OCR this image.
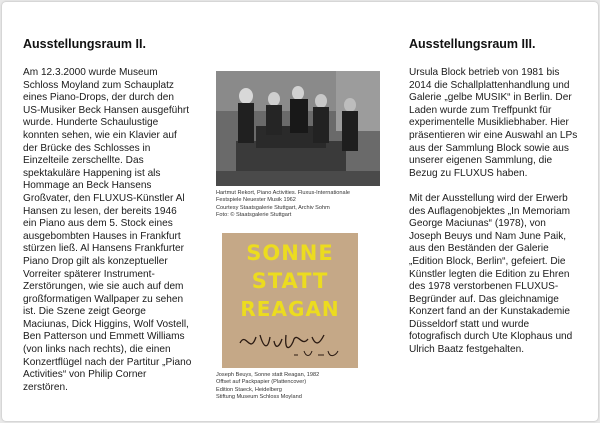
Ausstellungsraum II.

Am 12.3.2000 wurde Museum Schloss Moyland zum Schauplatz eines Piano-Drops, der durch den US-Musiker Beck Hansen ausgeführt wurde. Hunderte Schaulustige konnten sehen, wie ein Klavier auf der Brücke des Schlosses in Einzelteile zerschellte. Das spektakuläre Happening ist als Hommage an Beck Hansens Großvater, den FLUXUS-Künstler Al Hansen zu lesen, der bereits 1946 ein Piano aus dem 5. Stock eines ausgebombten Hauses in Frankfurt stürzen ließ. Al Hansens Frankfurter Piano Drop gilt als konzeptueller Vorreiter späterer Instrument-Zerstörungen, wie sie auch auf dem großformatigen Wallpaper zu sehen ist. Die Szene zeigt George Maciunas, Dick Higgins, Wolf Vostell, Ben Patterson und Emmett Williams (von links nach rechts), die einen Konzertflügel nach der Partitur „Piano Activities“ von Philip Corner zerstören.

Hartmut Rekort, Piano Activities. Fluxus-Internationale

Festspiele Neuester Musik 1962

Courtesy Staatsgalerie Stuttgart, Archiv Sohm

Foto: © Staatsgalerie Stuttgart

SONNE

STATT

REAGAN

Joseph Beuys, Sonne statt Reagan, 1982

Offset auf Packpapier (Plattencover)

Edition Staeck, Heidelberg

Stiftung Museum Schloss Moyland

Ausstellungsraum III.

Ursula Block betrieb von 1981 bis 2014 die Schallplattenhandlung und Galerie „gelbe MUSIK“ in Berlin. Der Laden wurde zum Treffpunkt für experimentelle Musikliebhaber. Hier präsentieren wir eine Auswahl an LPs aus der Sammlung Block sowie aus unserer eigenen Sammlung, die Bezug zu FLUXUS haben.

Mit der Ausstellung wird der Erwerb des Auflagenobjektes „In Memoriam George Maciunas“ (1978), von Joseph Beuys und Nam June Paik, aus den Beständen der Galerie „Edition Block, Berlin“, gefeiert. Die Künstler legten die Edition zu Ehren des 1978 verstorbenen FLUXUS-Begründer auf. Das gleichnamige Konzert fand an der Kunstakademie Düsseldorf statt und wurde fotografisch durch Ute Klophaus und Ulrich Baatz festgehalten.
